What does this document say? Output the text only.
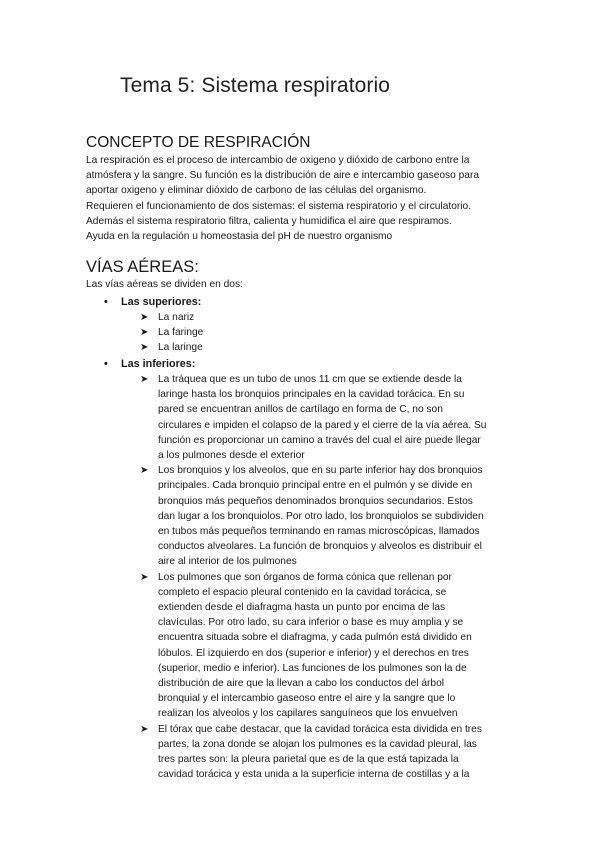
Tema 5: Sistema respiratorio
CONCEPTO DE RESPIRACIÓN

La respiración es el proceso de intercambio de oxigeno y dióxido de carbono entre la

atmósfera y la sangre. Su función es la distribución de aire e intercambio gaseoso para

aportar oxigeno y eliminar dióxido de carbono de las células del organismo.

Requieren el funcionamiento de dos sistemas: el sistema respiratorio y el circulatorio.

Además el sistema respiratorio filtra, calienta y humidifica el aire que respiramos.

Ayuda en la regulación u homeostasia del pH de nuestro organismo

VÍAS AÉREAS:

Las vías aéreas se dividen en dos:

• Las superiores:
➤ La nariz

➤ La faringe

➤ La laringe

• Las inferiores:
➤ La tráquea que es un tubo de unos 11 cm que se extiende desde la

laringe hasta los bronquios principales en la cavidad torácica. En su

pared se encuentran anillos de cartílago en forma de C, no son

circulares e impiden el colapso de la pared y el cierre de la vía aérea. Su

función es proporcionar un camino a través del cual el aire puede llegar

a los pulmones desde el exterior

➤ Los bronquios y los alveolos, que en su parte inferior hay dos bronquios

principales. Cada bronquio principal entre en el pulmón y se divide en

bronquios más pequeños denominados bronquios secundarios. Estos

dan lugar a los bronquiolos. Por otro lado, los bronquiolos se subdividen

en tubos más pequeños terminando en ramas microscópicas, llamados

conductos alveolares. La función de bronquios y alveolos es distribuir el

aire al interior de los pulmones

➤ Los pulmones que son órganos de forma cónica que rellenan por

completo el espacio pleural contenido en la cavidad torácica, se

extienden desde el diafragma hasta un punto por encima de las

clavículas. Por otro lado, su cara inferior o base es muy amplia y se

encuentra situada sobre el diafragma, y cada pulmón está dividido en

lóbulos. El izquierdo en dos (superior e inferior) y el derechos en tres

(superior, medio e inferior). Las funciones de los pulmones son la de

distribución de aire que la llevan a cabo los conductos del árbol

bronquial y el intercambio gaseoso entre el aire y la sangre que lo

realizan los alveolos y los capilares sanguíneos que los envuelven

➤ El tórax que cabe destacar, que la cavidad torácica esta dividida en tres

partes, la zona donde se alojan los pulmones es la cavidad pleural, las

tres partes son: la pleura parietal que es de la que está tapizada la

cavidad torácica y esta unida a la superficie interna de costillas y a la
